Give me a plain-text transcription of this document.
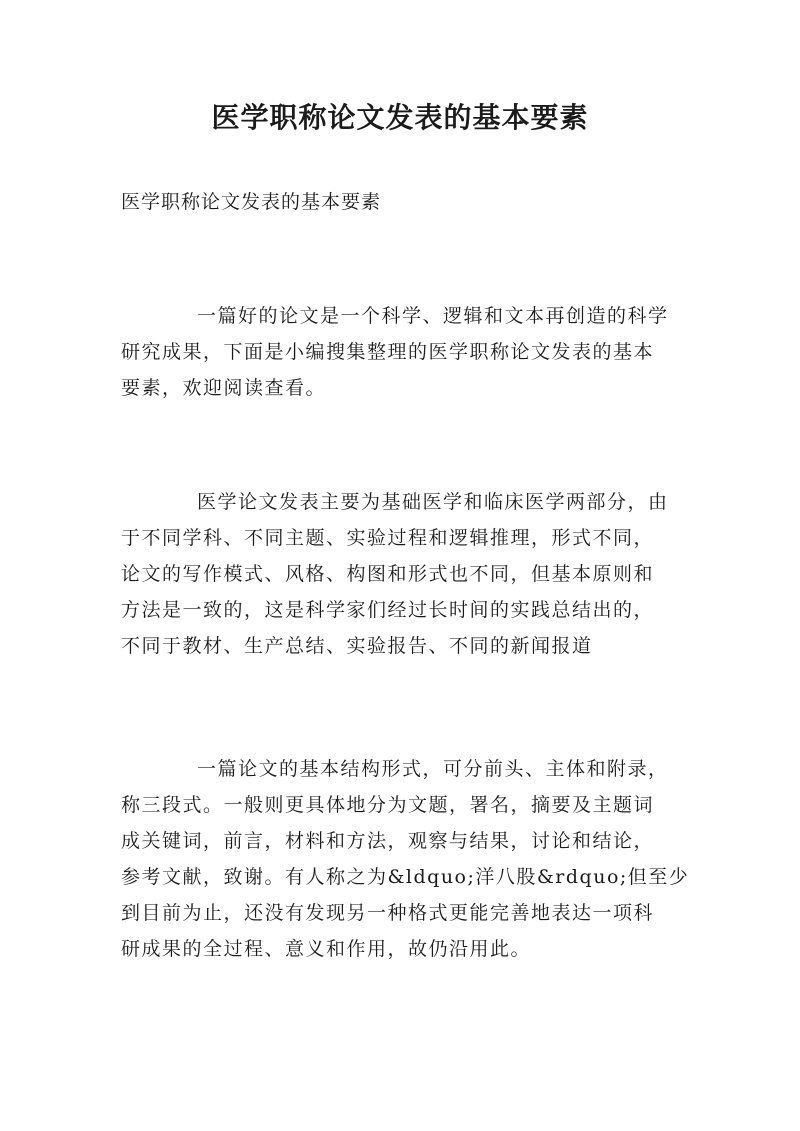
医学职称论文发表的基本要素

医学职称论文发表的基本要素

一篇好的论文是一个科学、逻辑和文本再创造的科学
研究成果，下面是小编搜集整理的医学职称论文发表的基本
要素，欢迎阅读查看。
医学论文发表主要为基础医学和临床医学两部分，由
于不同学科、不同主题、实验过程和逻辑推理，形式不同，
论文的写作模式、风格、构图和形式也不同，但基本原则和
方法是一致的，这是科学家们经过长时间的实践总结出的，
不同于教材、生产总结、实验报告、不同的新闻报道
一篇论文的基本结构形式，可分前头、主体和附录，
称三段式。一般则更具体地分为文题，署名，摘要及主题词
成关键词，前言，材料和方法，观察与结果，讨论和结论，
参考文献，致谢。有人称之为&ldquo;洋八股&rdquo;但至少
到目前为止，还没有发现另一种格式更能完善地表达一项科
研成果的全过程、意义和作用，故仍沿用此。
